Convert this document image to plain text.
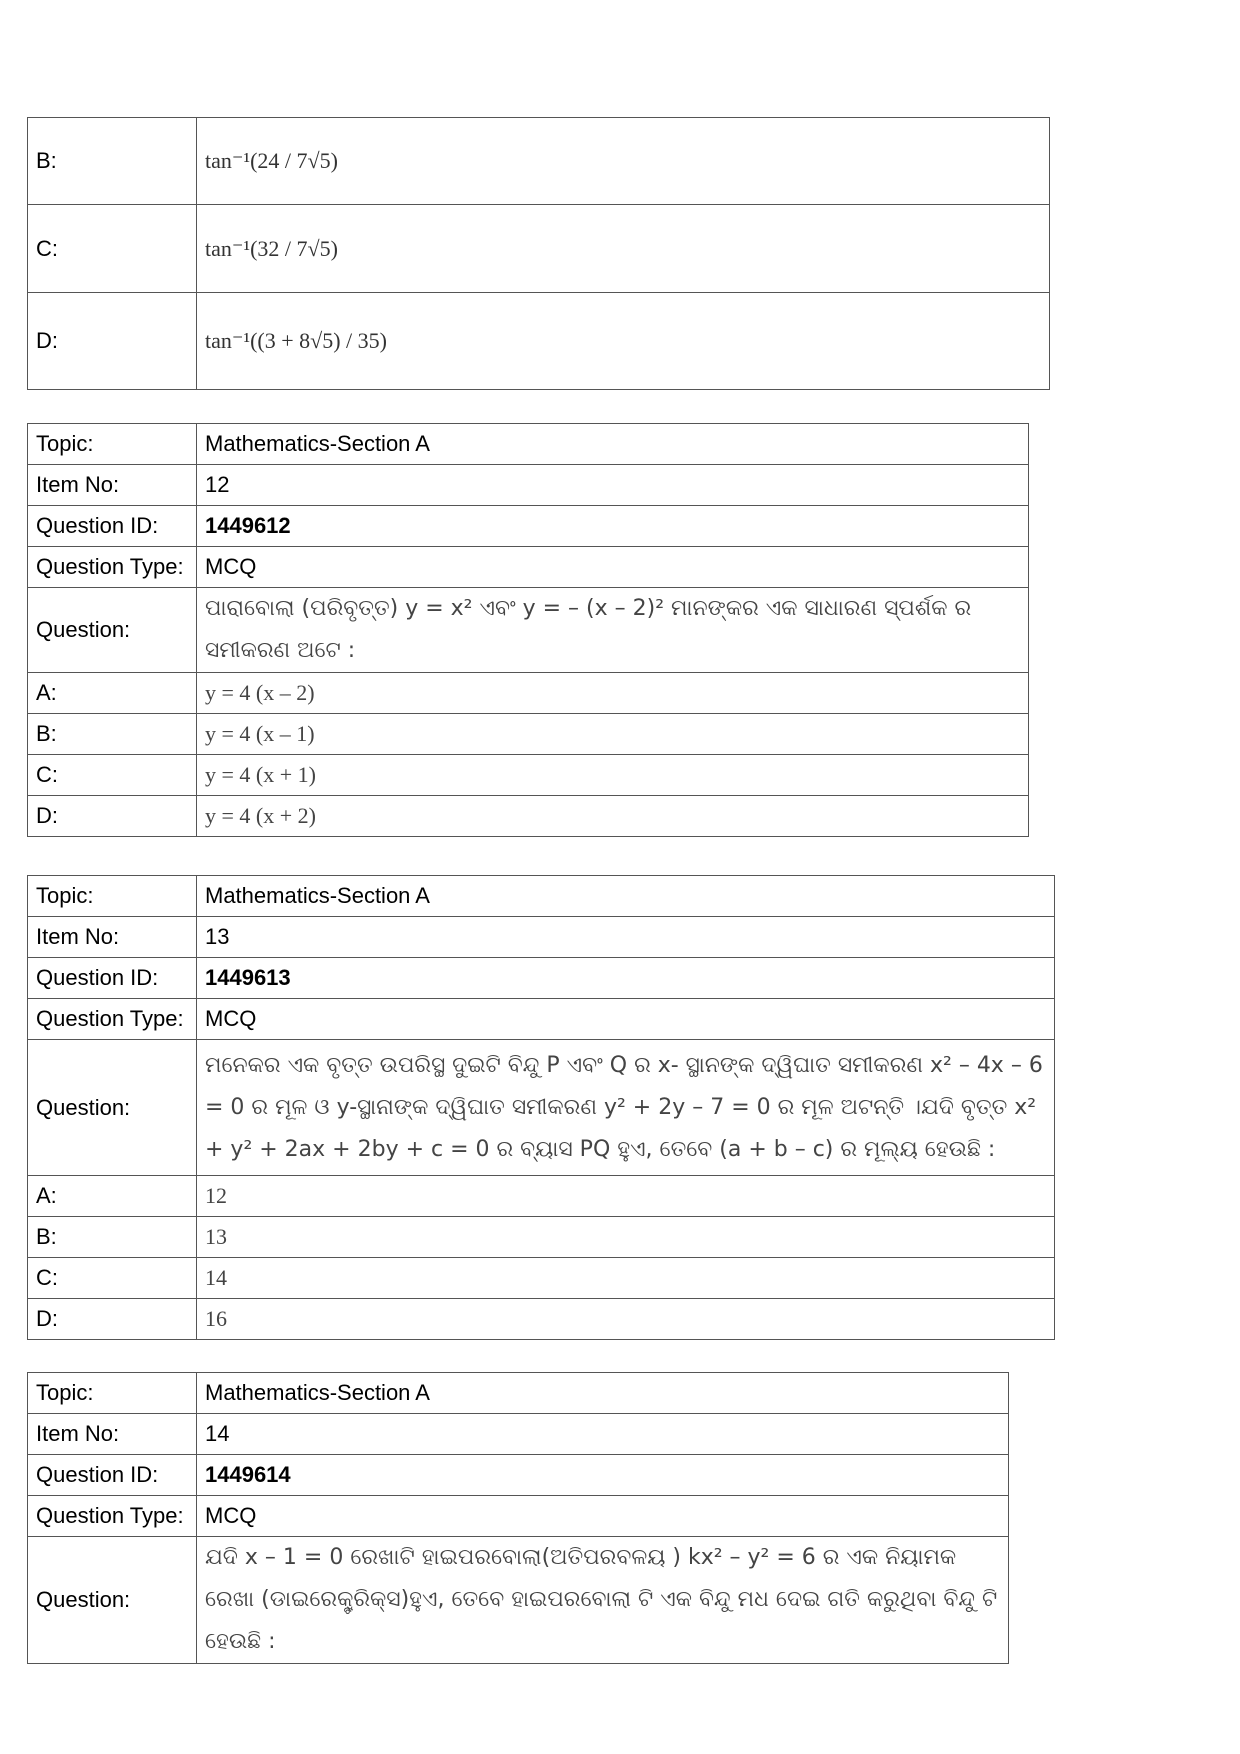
B:	tan⁻¹(24 / 7√5)
C:	tan⁻¹(32 / 7√5)
D:	tan⁻¹((3 + 8√5) / 35)
Topic:	Mathematics-Section A
Item No:	12
Question ID:	1449612
Question Type:	MCQ
Question:	ପାରାବୋଲା (ପରିବୃତ୍ତ) y = x² ଏବଂ y = – (x – 2)² ମାନଙ୍କର ଏକ ସାଧାରଣ ସ୍ପର୍ଶକ ର ସମୀକରଣ ଅଟେ :
A:	y = 4 (x – 2)
B:	y = 4 (x – 1)
C:	y = 4 (x + 1)
D:	y = 4 (x + 2)
Topic:	Mathematics-Section A
Item No:	13
Question ID:	1449613
Question Type:	MCQ
Question:	ମନେକର ଏକ ବୃତ୍ତ ଉପରିସ୍ଥ ଦୁଇଟି ବିନ୍ଦୁ P ଏବଂ Q ର x- ସ୍ଥାନଙ୍କ ଦ୍ୱିଘାତ ସମୀକରଣ x² – 4x – 6 = 0 ର ମୂଳ ଓ y-ସ୍ଥାନାଙ୍କ ଦ୍ୱିଘାତ ସମୀକରଣ y² + 2y – 7 = 0 ର ମୂଳ ଅଟନ୍ତି ।ଯଦି ବୃତ୍ତ x² + y² + 2ax + 2by + c = 0 ର ବ୍ୟାସ PQ ହୁଏ, ତେବେ (a + b – c) ର ମୂଲ୍ୟ ହେଉଛି :
A:	12
B:	13
C:	14
D:	16
Topic:	Mathematics-Section A
Item No:	14
Question ID:	1449614
Question Type:	MCQ
Question:	ଯଦି x – 1 = 0 ରେଖାଟି ହାଇପରବୋଲା(ଅତିପରବଳୟ ) kx² – y² = 6 ର ଏକ ନିୟାମକ ରେଖା (ଡାଇରେକ୍ଟ୍ରିକ୍ସ)ହୁଏ, ତେବେ ହାଇପରବୋଲା ଟି ଏକ ବିନ୍ଦୁ ମଧ ଦେଇ ଗତି କରୁଥିବା ବିନ୍ଦୁ ଟି ହେଉଛି :
